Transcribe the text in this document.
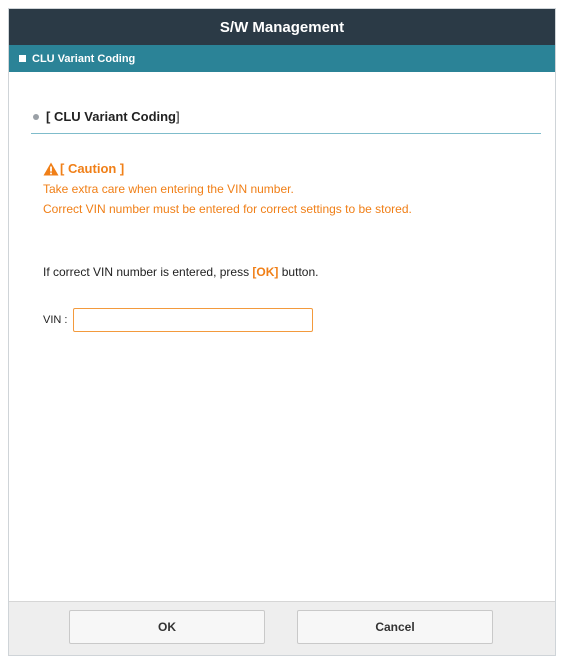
S/W Management
CLU Variant Coding
[ CLU Variant Coding ]
[ Caution ]
Take extra care when entering the VIN number.
Correct VIN number must be entered for correct settings to be stored.
If correct VIN number is entered, press [OK] button.
VIN :
OK	Cancel
